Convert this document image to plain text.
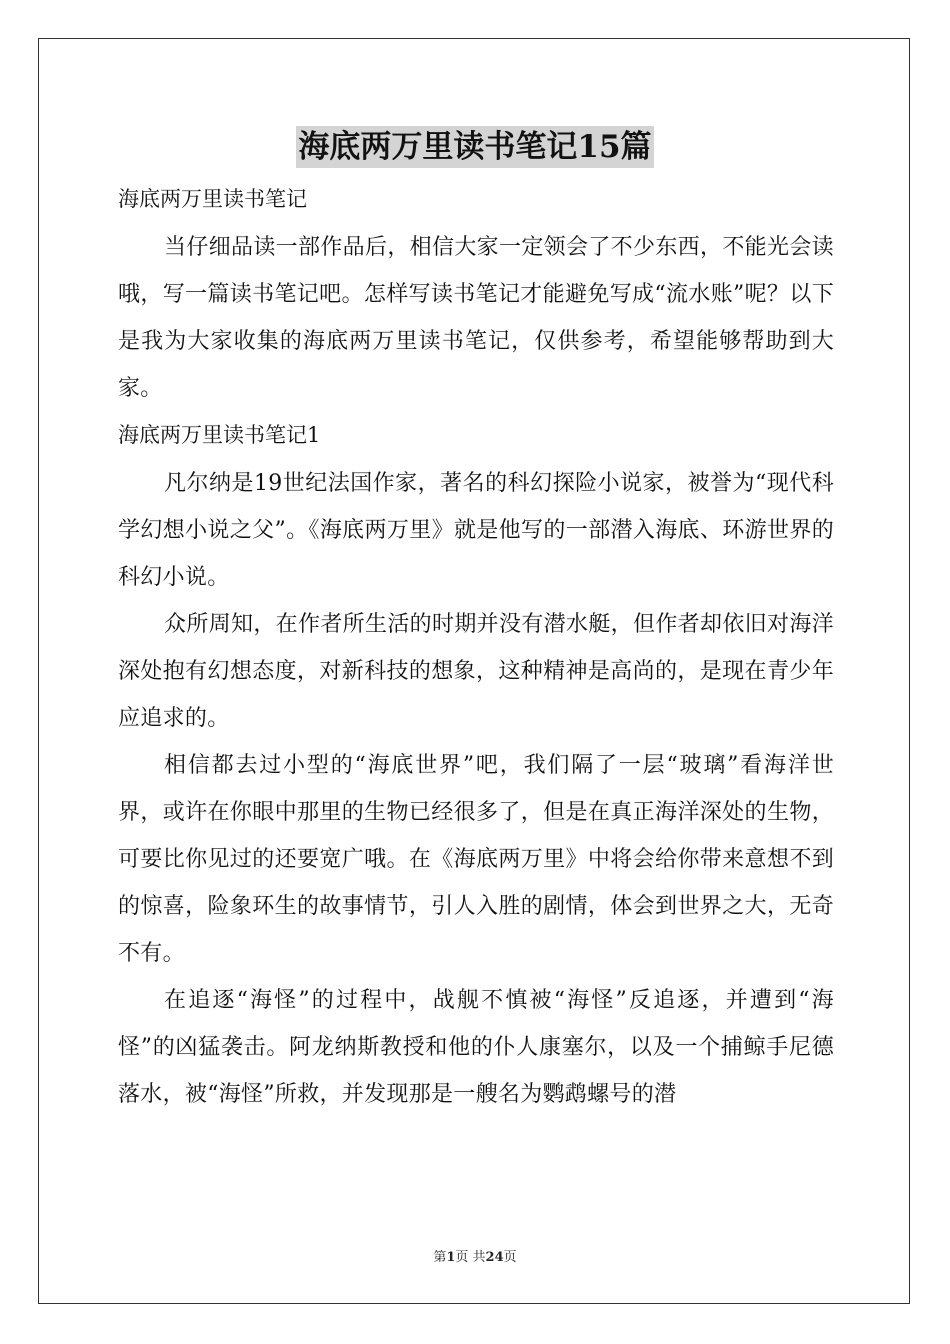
海底两万里读书笔记15篇
海底两万里读书笔记

当仔细品读一部作品后，相信大家一定领会了不少东西，不能光会读哦，写一篇读书笔记吧。怎样写读书笔记才能避免写成“流水账”呢？以下是我为大家收集的海底两万里读书笔记，仅供参考，希望能够帮助到大家。

海底两万里读书笔记1

凡尔纳是19世纪法国作家，著名的科幻探险小说家，被誉为“现代科学幻想小说之父”。《海底两万里》就是他写的一部潜入海底、环游世界的科幻小说。

众所周知，在作者所生活的时期并没有潜水艇，但作者却依旧对海洋深处抱有幻想态度，对新科技的想象，这种精神是高尚的，是现在青少年应追求的。

相信都去过小型的“海底世界”吧，我们隔了一层“玻璃”看海洋世界，或许在你眼中那里的生物已经很多了，但是在真正海洋深处的生物，可要比你见过的还要宽广哦。在《海底两万里》中将会给你带来意想不到的惊喜，险象环生的故事情节，引人入胜的剧情，体会到世界之大，无奇不有。

在追逐“海怪”的过程中，战舰不慎被“海怪”反追逐，并遭到“海怪”的凶猛袭击。阿龙纳斯教授和他的仆人康塞尔，以及一个捕鲸手尼德落水，被“海怪”所救，并发现那是一艘名为鹦鹉螺号的潜

第1页 共24页
